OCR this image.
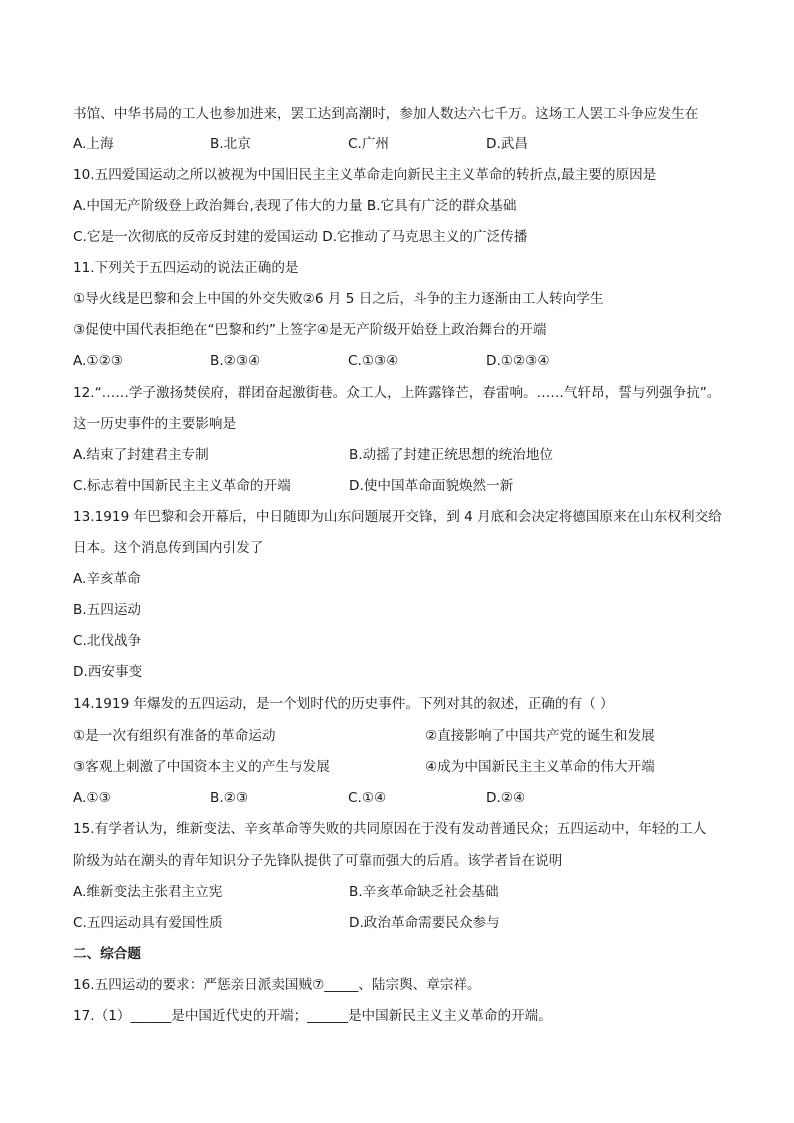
书馆、中华书局的工人也参加进来，罢工达到高潮时，参加人数达六七千万。这场工人罢工斗争应发生在
A.上海	B.北京	C.广州	D.武昌
10.五四爱国运动之所以被视为中国旧民主主义革命走向新民主主义革命的转折点,最主要的原因是
A.中国无产阶级登上政治舞台,表现了伟大的力量 B.它具有广泛的群众基础
C.它是一次彻底的反帝反封建的爱国运动 D.它推动了马克思主义的广泛传播
11.下列关于五四运动的说法正确的是
①导火线是巴黎和会上中国的外交失败②6 月 5 日之后，斗争的主力逐渐由工人转向学生
③促使中国代表拒绝在“巴黎和约”上签字④是无产阶级开始登上政治舞台的开端
A.①②③	B.②③④	C.①③④	D.①②③④
12.“……学子激扬焚侯府，群团奋起激街巷。众工人，上阵露锋芒，春雷响。……气轩昂，誓与列强争抗”。
这一历史事件的主要影响是
A.结束了封建君主专制	B.动摇了封建正统思想的统治地位
C.标志着中国新民主主义革命的开端	D.使中国革命面貌焕然一新
13.1919 年巴黎和会开幕后，中日随即为山东问题展开交锋，到 4 月底和会决定将德国原来在山东权利交给
日本。这个消息传到国内引发了
A.辛亥革命
B.五四运动
C.北伐战争
D.西安事变
14.1919 年爆发的五四运动，是一个划时代的历史事件。下列对其的叙述，正确的有（ ）
①是一次有组织有准备的革命运动	②直接影响了中国共产党的诞生和发展
③客观上刺激了中国资本主义的产生与发展	④成为中国新民主主义革命的伟大开端
A.①③	B.②③	C.①④	D.②④
15.有学者认为，维新变法、辛亥革命等失败的共同原因在于没有发动普通民众；五四运动中，年轻的工人
阶级为站在潮头的青年知识分子先锋队提供了可靠而强大的后盾。该学者旨在说明
A.维新变法主张君主立宪	B.辛亥革命缺乏社会基础
C.五四运动具有爱国性质	D.政治革命需要民众参与
二、综合题
16.五四运动的要求：严惩亲日派卖国贼⑦_____、陆宗舆、章宗祥。
17.（1）______是中国近代史的开端；______是中国新民主义主义革命的开端。
